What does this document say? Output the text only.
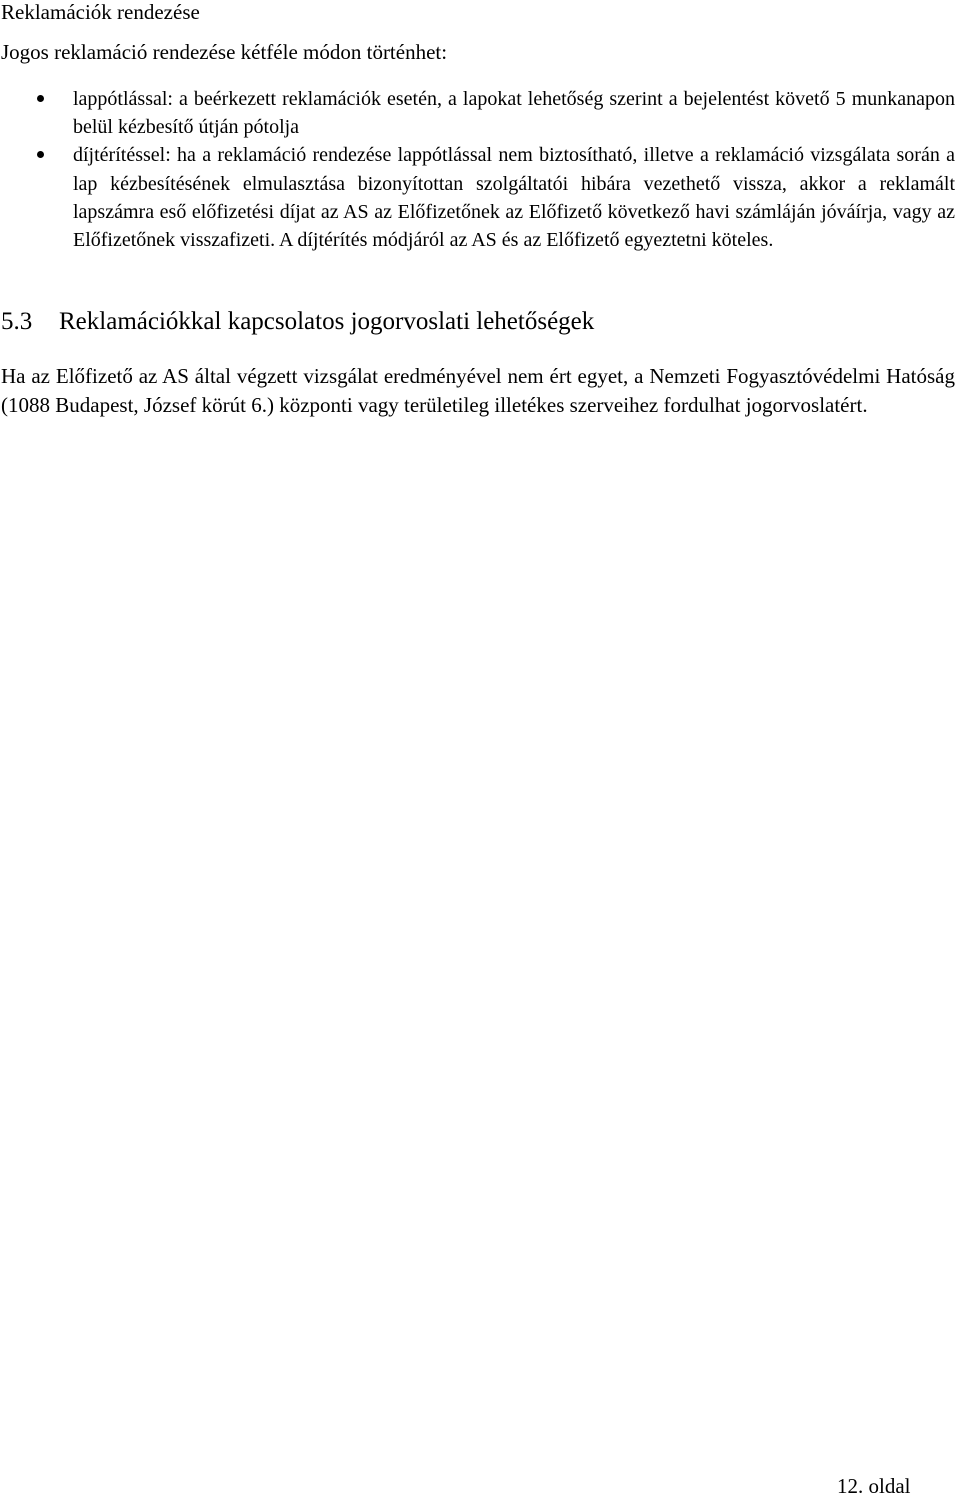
Reklamációk rendezése

Jogos reklamáció rendezése kétféle módon történhet:

lappótlással: a beérkezett reklamációk esetén, a lapokat lehetőség szerint a bejelentést követő 5 munkanapon belül kézbesítő útján pótolja
díjtérítéssel: ha a reklamáció rendezése lappótlással nem biztosítható, illetve a reklamáció vizsgálata során a lap kézbesítésének elmulasztása bizonyítottan szolgáltatói hibára vezethető vissza, akkor a reklamált lapszámra eső előfizetési díjat az AS az Előfizetőnek az Előfizető következő havi számláján jóváírja, vagy az Előfizetőnek visszafizeti. A díjtérítés módjáról az AS és az Előfizető egyeztetni köteles.
5.3 Reklamációkkal kapcsolatos jogorvoslati lehetőségek

Ha az Előfizető az AS által végzett vizsgálat eredményével nem ért egyet, a Nemzeti Fogyasztóvédelmi Hatóság (1088 Budapest, József körút 6.) központi vagy területileg illetékes szerveihez fordulhat jogorvoslatért.

12. oldal
